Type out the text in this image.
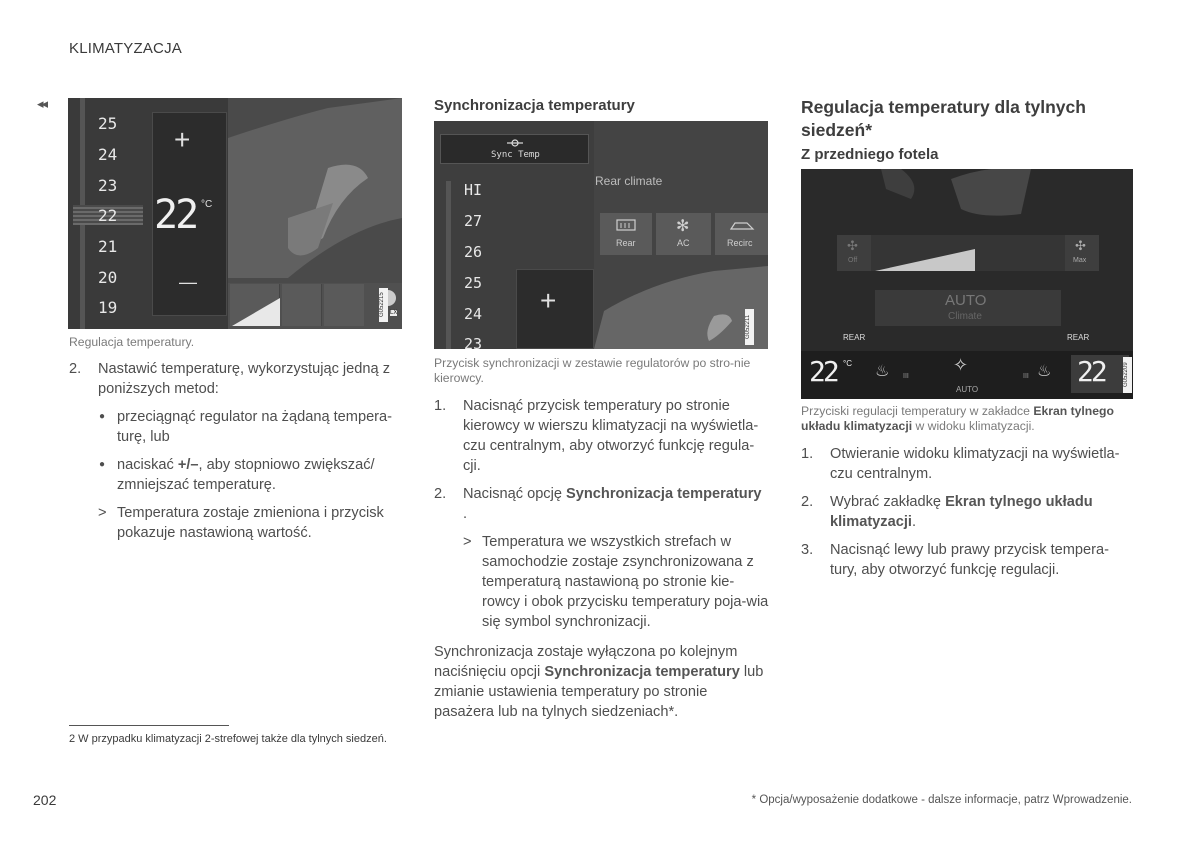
KLIMATYZACJA
◂◂
25
24
23
22
21
20
19
+
22 °C
—
G052215 LX
Regulacja temperatury.
2. Nastawić temperaturę, wykorzystując jedną z poniższych metod:
● przeciągnąć regulator na żądaną tempera-turę, lub
● naciskać +/–, aby stopniowo zwiększać/ zmniejszać temperaturę.
> Temperatura zostaje zmieniona i przycisk pokazuje nastawioną wartość.
Synchronizacja temperatury
Sync Temp
HI
27
26
25
24
23
+
Rear climate
Rear
✻
AC	Recirc
G052211
Przycisk synchronizacji w zestawie regulatorów po stro-nie kierowcy.
1. Nacisnąć przycisk temperatury po stronie kierowcy w wierszu klimatyzacji na wyświetla-czu centralnym, aby otworzyć funkcję regula-cji.
2. Nacisnąć opcję Synchronizacja temperatury .
> Temperatura we wszystkich strefach w samochodzie zostaje zsynchronizowana z temperaturą nastawioną po stronie kie-rowcy i obok przycisku temperatury poja-wia się symbol synchronizacji.
Synchronizacja zostaje wyłączona po kolejnym naciśnięciu opcji Synchronizacja temperatury lub zmianie ustawienia temperatury po stronie pasażera lub na tylnych siedzeniach*.
Regulacja temperatury dla tylnych siedzeń*
Z przedniego fotela
✣
Off
✣
Max
AUTO
Climate
REAR	REAR
22 °C ♨ III
✧
AUTO
III ♨ 22	G052209
Przyciski regulacji temperatury w zakładce Ekran tylnego układu klimatyzacji w widoku klimatyzacji.
1. Otwieranie widoku klimatyzacji na wyświetla-czu centralnym.
2. Wybrać zakładkę Ekran tylnego układu klimatyzacji.
3. Nacisnąć lewy lub prawy przycisk tempera-tury, aby otworzyć funkcję regulacji.
2 W przypadku klimatyzacji 2-strefowej także dla tylnych siedzeń.
202	* Opcja/wyposażenie dodatkowe - dalsze informacje, patrz Wprowadzenie.
